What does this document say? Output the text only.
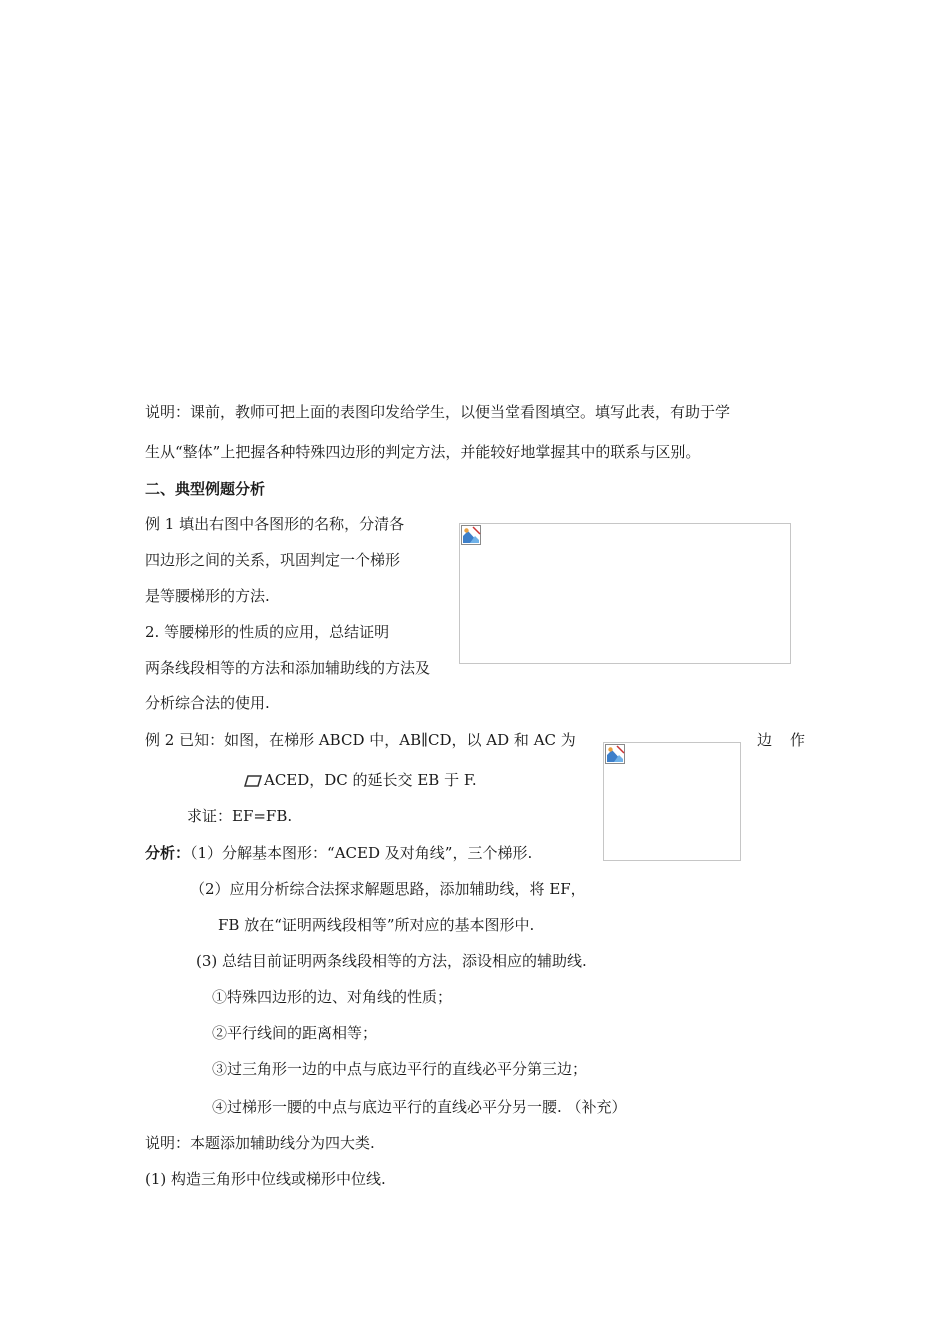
说明：课前，教师可把上面的表图印发给学生，以便当堂看图填空。填写此表，有助于学
生从“整体”上把握各种特殊四边形的判定方法，并能较好地掌握其中的联系与区别。
二、典型例题分析
例 1 填出右图中各图形的名称，分清各
四边形之间的关系，巩固判定一个梯形
是等腰梯形的方法.
2. 等腰梯形的性质的应用，总结证明
两条线段相等的方法和添加辅助线的方法及
分析综合法的使用.
例 2 已知：如图，在梯形 ABCD 中，AB∥CD，以 AD 和 AC 为	边 作
ACED，DC 的延长交 EB 于 F.
求证：EF=FB.
分析：（1）分解基本图形：“ACED 及对角线”，三个梯形.
（2）应用分析综合法探求解题思路，添加辅助线，将 EF，
FB 放在“证明两线段相等”所对应的基本图形中.
(3) 总结目前证明两条线段相等的方法，添设相应的辅助线.
①特殊四边形的边、对角线的性质；
②平行线间的距离相等；
③过三角形一边的中点与底边平行的直线必平分第三边；
④过梯形一腰的中点与底边平行的直线必平分另一腰. （补充）
说明：本题添加辅助线分为四大类.
(1) 构造三角形中位线或梯形中位线.
